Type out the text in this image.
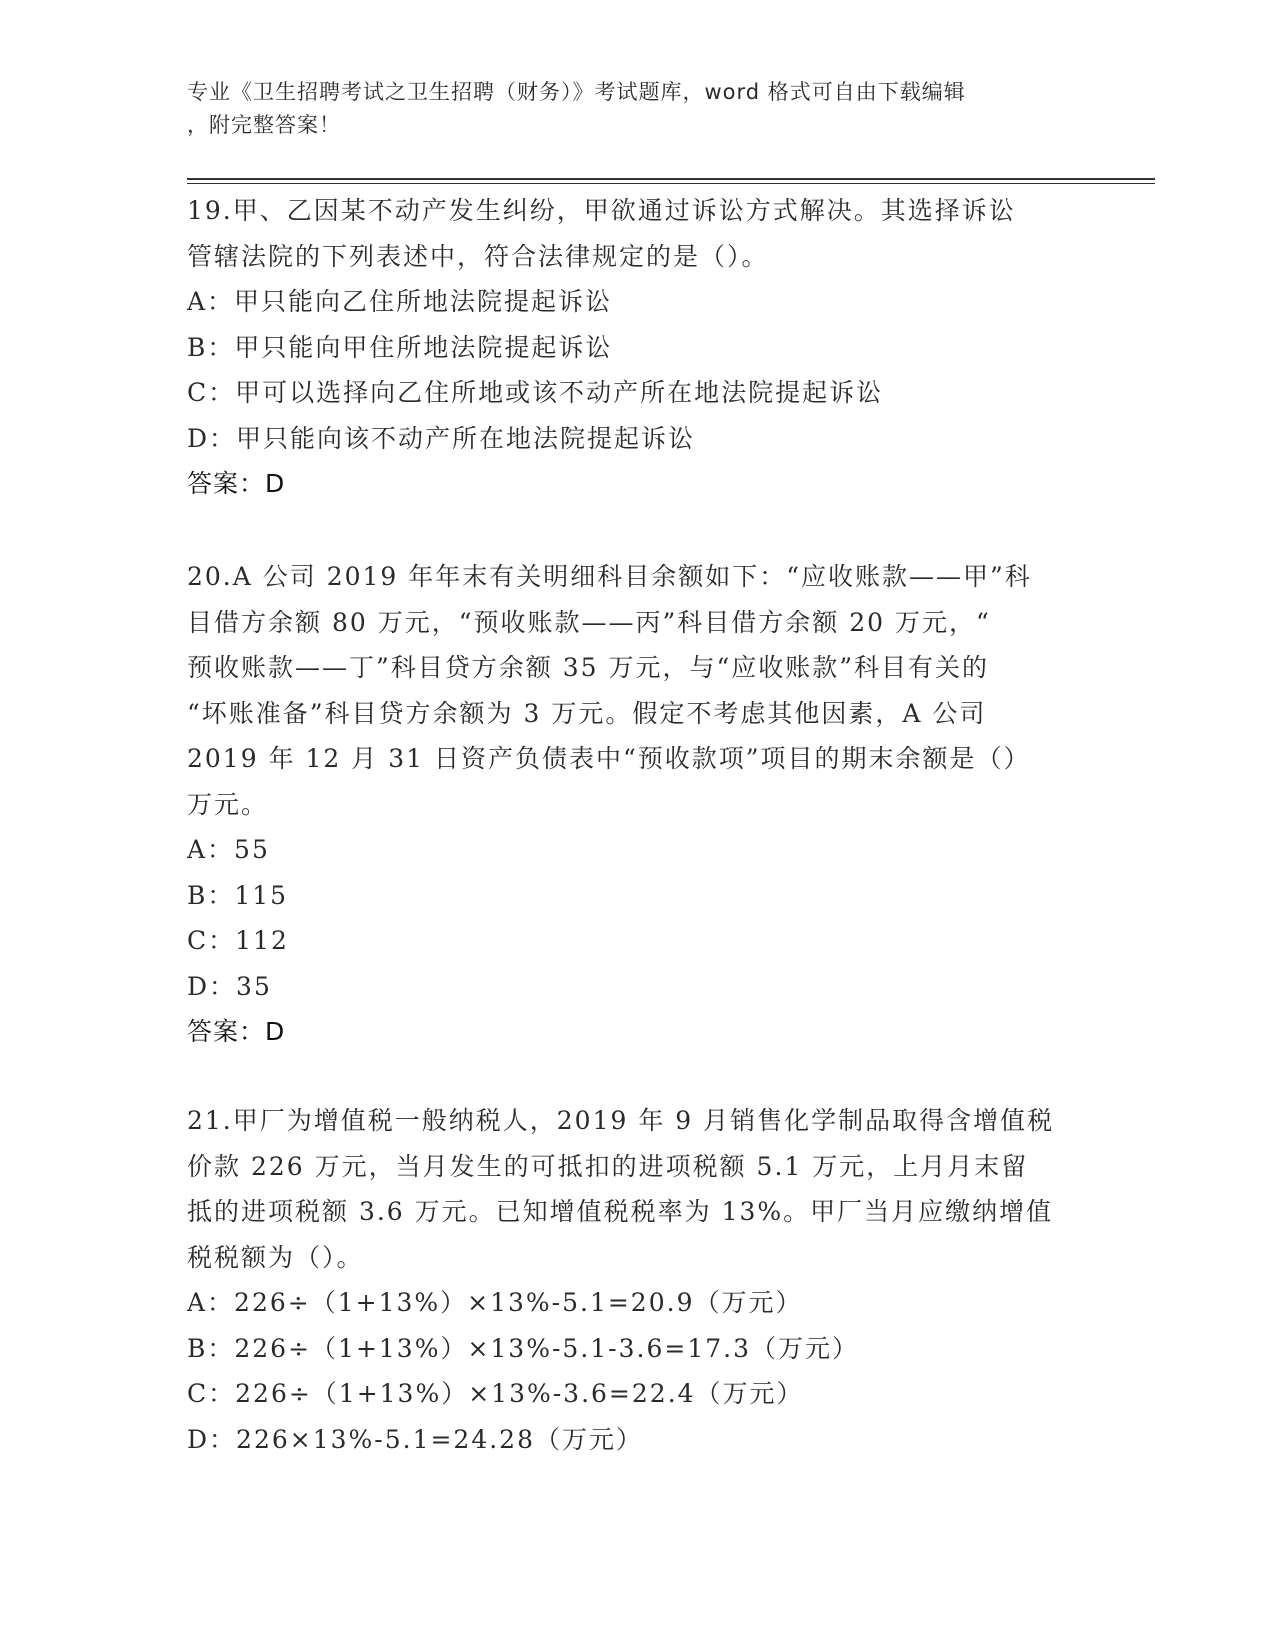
专业《卫生招聘考试之卫生招聘（财务）》考试题库，word 格式可自由下载编辑
，附完整答案！
19.甲、乙因某不动产发生纠纷，甲欲通过诉讼方式解决。其选择诉讼
管辖法院的下列表述中，符合法律规定的是（）。
A：甲只能向乙住所地法院提起诉讼
B：甲只能向甲住所地法院提起诉讼
C：甲可以选择向乙住所地或该不动产所在地法院提起诉讼
D：甲只能向该不动产所在地法院提起诉讼
答案：D
20.A 公司 2019 年年末有关明细科目余额如下：“应收账款——甲”科
目借方余额 80 万元，“预收账款——丙”科目借方余额 20 万元，“
预收账款——丁”科目贷方余额 35 万元，与“应收账款”科目有关的
“坏账准备”科目贷方余额为 3 万元。假定不考虑其他因素，A 公司
2019 年 12 月 31 日资产负债表中“预收款项”项目的期末余额是（）
万元。
A：55
B：115
C：112
D：35
答案：D
21.甲厂为增值税一般纳税人，2019 年 9 月销售化学制品取得含增值税
价款 226 万元，当月发生的可抵扣的进项税额 5.1 万元，上月月末留
抵的进项税额 3.6 万元。已知增值税税率为 13%。甲厂当月应缴纳增值
税税额为（）。
A：226÷（1+13%）×13%-5.1=20.9（万元）
B：226÷（1+13%）×13%-5.1-3.6=17.3（万元）
C：226÷（1+13%）×13%-3.6=22.4（万元）
D：226×13%-5.1=24.28（万元）
